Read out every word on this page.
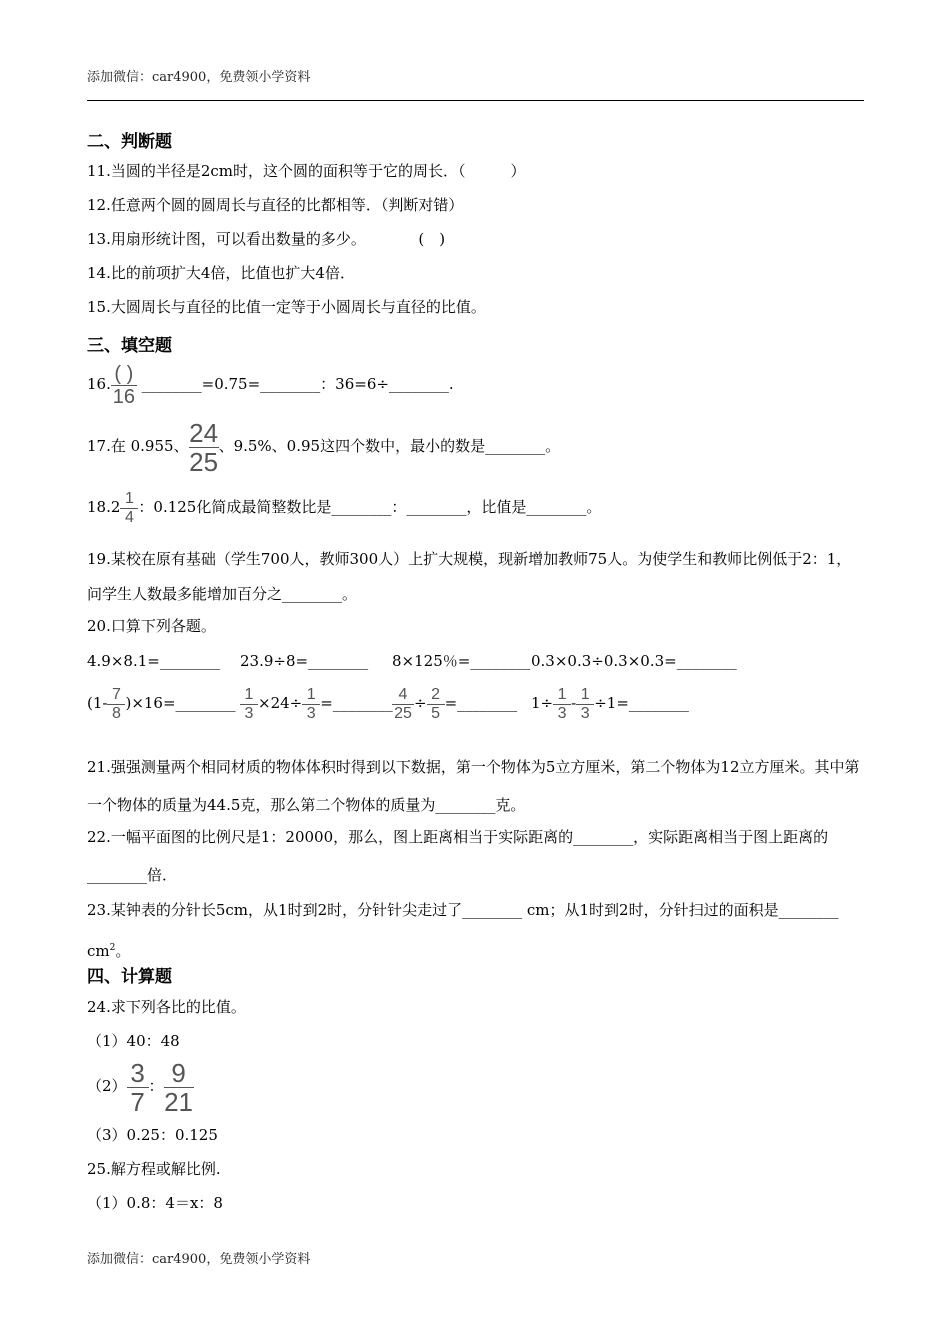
添加微信：car4900，免费领小学资料
二、判断题
11.当圆的半径是2cm时，这个圆的面积等于它的周长．（　　　）
12.任意两个圆的圆周长与直径的比都相等．（判断对错）
13.用扇形统计图，可以看出数量的多少。　　　　(　)
14.比的前项扩大4倍，比值也扩大4倍．
15.大圆周长与直径的比值一定等于小圆周长与直径的比值。
三、填空题
16. $\frac{( )}{16}$ ________=0.75=________：36=6÷________.
17.在 0.955、 $\frac{24}{25}$ 、9.5%、0.95这四个数中，最小的数是________。
$18.2 \frac{1}{4}$ ：0.125化简成最简整数比是________：________，比值是________。
19.某校在原有基础（学生700人，教师300人）上扩大规模，现新增加教师75人。为使学生和教师比例低于2：1，问学生人数最多能增加百分之________。
20.口算下列各题。
4.9×8.1=________ 23.9÷8=________ 8×125％=________ 0.3×0.3÷0.3×0.3=________
($1- \frac{7}{8}$ )×16=________ $\frac{1}{3} \times 24\div \frac{1}{3}$ =________ $\frac{4}{25} \div \frac{2}{5}$ =________ $1\div \frac{1}{3} - \frac{1}{3}$ ÷1=________
21.强强测量两个相同材质的物体体积时得到以下数据，第一个物体为5立方厘米，第二个物体为12立方厘米。其中第一个物体的质量为44.5克，那么第二个物体的质量为________克。
22.一幅平面图的比例尺是1：20000，那么，图上距离相当于实际距离的________，实际距离相当于图上距离的________倍．
23.某钟表的分针长5cm，从1时到2时，分针针尖走过了________ cm；从1时到2时，分针扫过的面积是________ $cm^2$。
四、计算题
24.求下列各比的比值。
（1）40：48
$(2) \frac{3}{7}$ ： $\frac{9}{21}$
（3）0.25：0.125
25.解方程或解比例.
（1）0.8：4＝x：8
添加微信：car4900，免费领小学资料
